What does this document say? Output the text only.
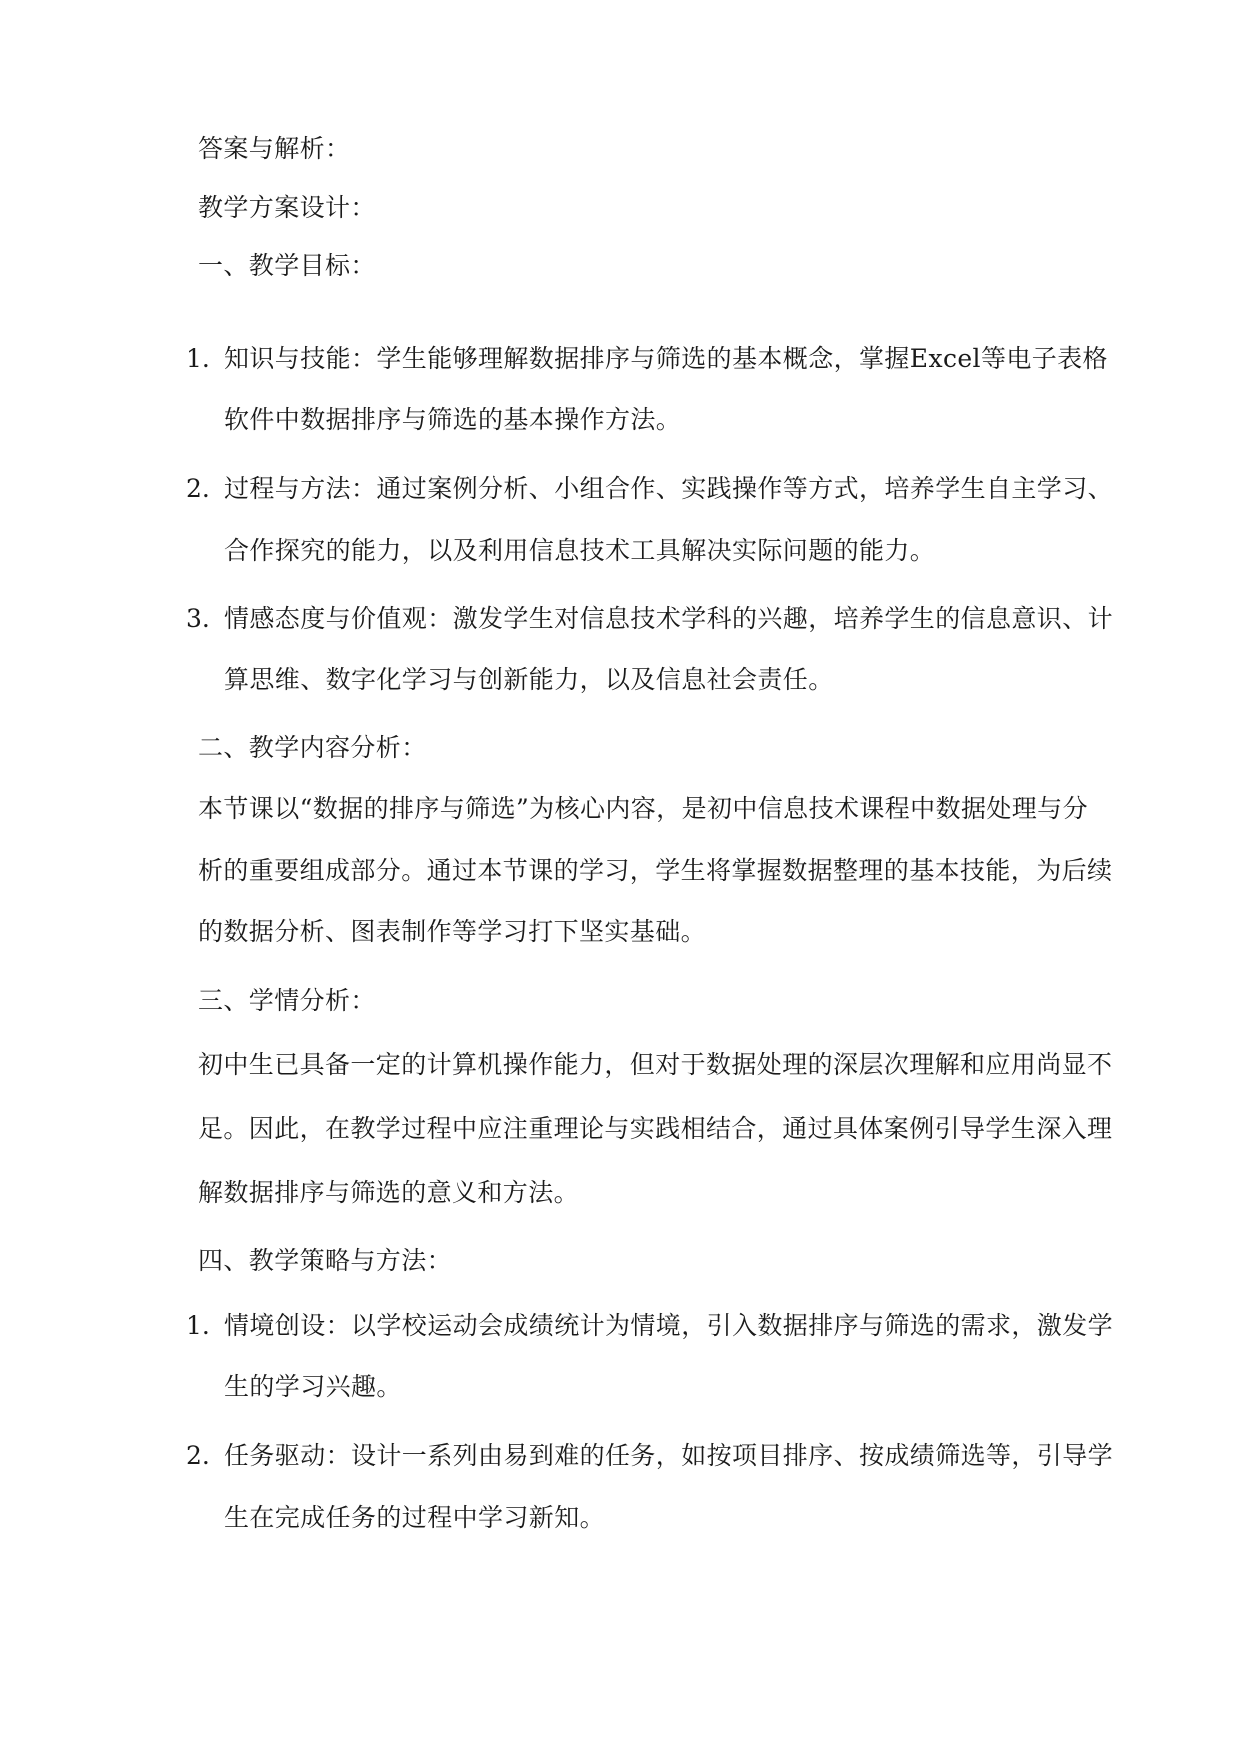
答案与解析：
教学方案设计：
一、教学目标：
1. 知识与技能：学生能够理解数据排序与筛选的基本概念，掌握Excel等电子表格
软件中数据排序与筛选的基本操作方法。
2. 过程与方法：通过案例分析、小组合作、实践操作等方式，培养学生自主学习、
合作探究的能力，以及利用信息技术工具解决实际问题的能力。
3. 情感态度与价值观：激发学生对信息技术学科的兴趣，培养学生的信息意识、计
算思维、数字化学习与创新能力，以及信息社会责任。
二、教学内容分析：
本节课以“数据的排序与筛选”为核心内容，是初中信息技术课程中数据处理与分
析的重要组成部分。通过本节课的学习，学生将掌握数据整理的基本技能，为后续
的数据分析、图表制作等学习打下坚实基础。
三、学情分析：
初中生已具备一定的计算机操作能力，但对于数据处理的深层次理解和应用尚显不
足。因此，在教学过程中应注重理论与实践相结合，通过具体案例引导学生深入理
解数据排序与筛选的意义和方法。
四、教学策略与方法：
1. 情境创设：以学校运动会成绩统计为情境，引入数据排序与筛选的需求，激发学
生的学习兴趣。
2. 任务驱动：设计一系列由易到难的任务，如按项目排序、按成绩筛选等，引导学
生在完成任务的过程中学习新知。
